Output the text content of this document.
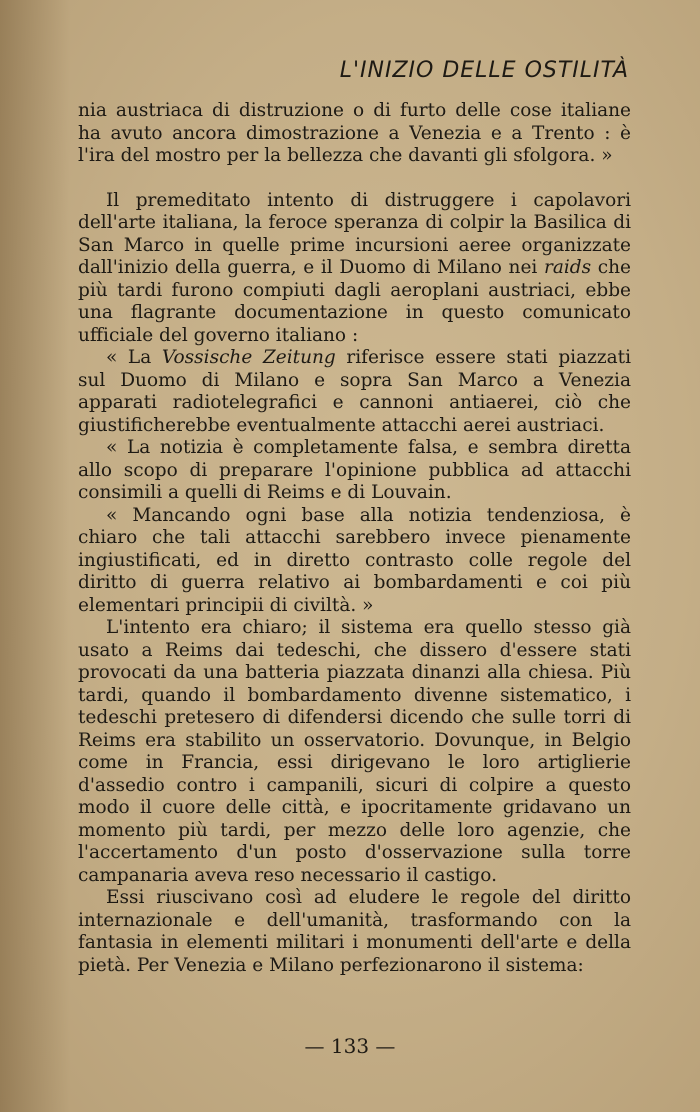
L'INIZIO DELLE OSTILITÀ

nia austriaca di distruzione o di furto delle cose italiane ha avuto ancora dimostrazione a Venezia e a Trento : è l'ira del mostro per la bellezza che davanti gli sfolgora. »

Il premeditato intento di distruggere i capolavori dell'arte italiana, la feroce speranza di colpir la Basilica di San Marco in quelle prime incursioni aeree organizzate dall'inizio della guerra, e il Duomo di Milano nei raids che più tardi furono compiuti dagli aeroplani austriaci, ebbe una flagrante documentazione in questo comunicato ufficiale del governo italiano :

« La Vossische Zeitung riferisce essere stati piazzati sul Duomo di Milano e sopra San Marco a Venezia apparati radiotelegrafici e cannoni antiaerei, ciò che giustificherebbe eventualmente attacchi aerei austriaci.

« La notizia è completamente falsa, e sembra diretta allo scopo di preparare l'opinione pubblica ad attacchi consimili a quelli di Reims e di Louvain.

« Mancando ogni base alla notizia tendenziosa, è chiaro che tali attacchi sarebbero invece pienamente ingiustificati, ed in diretto contrasto colle regole del diritto di guerra relativo ai bombardamenti e coi più elementari principii di civiltà. »

L'intento era chiaro; il sistema era quello stesso già usato a Reims dai tedeschi, che dissero d'essere stati provocati da una batteria piazzata dinanzi alla chiesa. Più tardi, quando il bombardamento divenne sistematico, i tedeschi pretesero di difendersi dicendo che sulle torri di Reims era stabilito un osservatorio. Dovunque, in Belgio come in Francia, essi dirigevano le loro artiglierie d'assedio contro i campanili, sicuri di colpire a questo modo il cuore delle città, e ipocritamente gridavano un momento più tardi, per mezzo delle loro agenzie, che l'accertamento d'un posto d'osservazione sulla torre campanaria aveva reso necessario il castigo.

Essi riuscivano così ad eludere le regole del diritto internazionale e dell'umanità, trasformando con la fantasia in elementi militari i monumenti dell'arte e della pietà. Per Venezia e Milano perfezionarono il sistema:

— 133 —
